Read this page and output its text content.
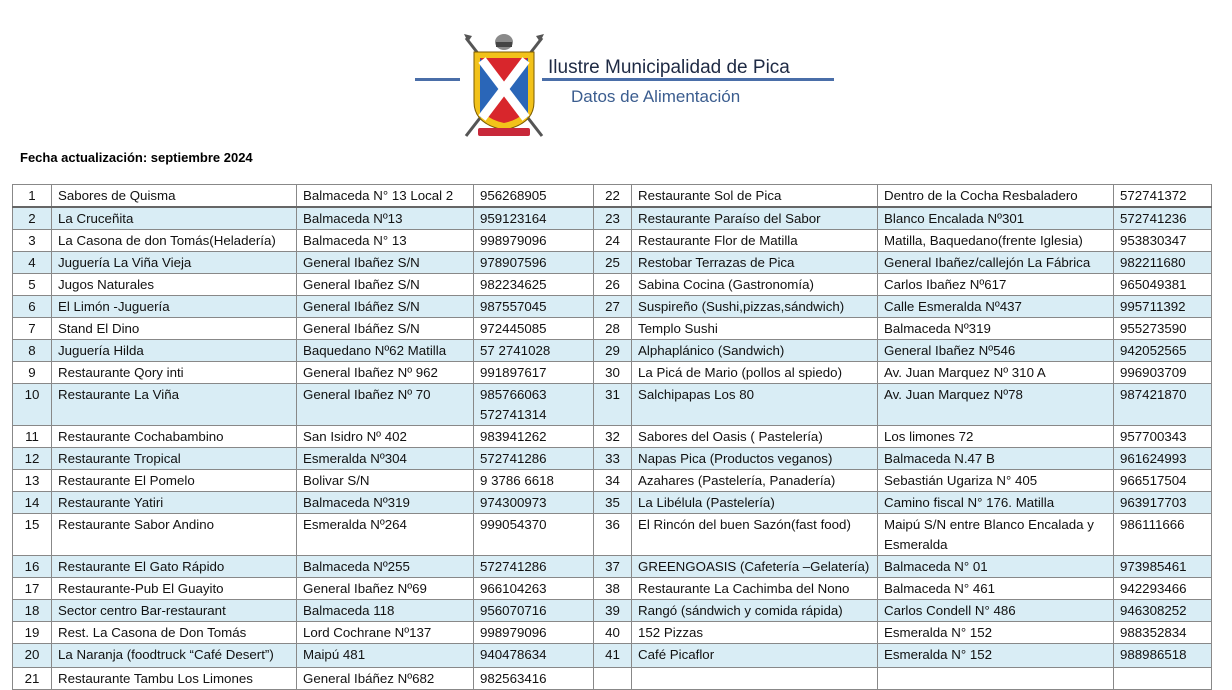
Ilustre Municipalidad de Pica
Datos de Alimentación
Fecha actualización: septiembre 2024
1	Sabores de Quisma	Balmaceda N° 13 Local 2	956268905	22	Restaurante Sol de Pica	Dentro de la Cocha Resbaladero	572741372
2	La Cruceñita	Balmaceda Nº13	959123164	23	Restaurante Paraíso del Sabor	Blanco Encalada Nº301	572741236
3	La Casona de don Tomás(Heladería)	Balmaceda N° 13	998979096	24	Restaurante Flor de Matilla	Matilla, Baquedano(frente Iglesia)	953830347
4	Juguería La Viña Vieja	General Ibañez S/N	978907596	25	Restobar Terrazas de Pica	General Ibañez/callejón La Fábrica	982211680
5	Jugos Naturales	General Ibañez S/N	982234625	26	Sabina Cocina (Gastronomía)	Carlos Ibañez Nº617	965049381
6	El Limón -Juguería	General Ibáñez S/N	987557045	27	Suspireño (Sushi,pizzas,sándwich)	Calle Esmeralda Nº437	995711392
7	Stand El Dino	General Ibáñez S/N	972445085	28	Templo Sushi	Balmaceda Nº319	955273590
8	Juguería Hilda	Baquedano Nº62 Matilla	57 2741028	29	Alphaplánico (Sandwich)	General Ibañez Nº546	942052565
9	Restaurante Qory inti	General Ibañez Nº 962	991897617	30	La Picá de Mario (pollos al spiedo)	Av. Juan Marquez Nº 310 A	996903709
10	Restaurante La Viña	General Ibañez Nº 70	985766063 572741314	31	Salchipapas Los 80	Av. Juan Marquez Nº78	987421870
11	Restaurante Cochabambino	San Isidro Nº 402	983941262	32	Sabores del Oasis ( Pastelería)	Los limones 72	957700343
12	Restaurante Tropical	Esmeralda Nº304	572741286	33	Napas Pica (Productos veganos)	Balmaceda N.47 B	961624993
13	Restaurante El Pomelo	Bolivar S/N	9 3786 6618	34	Azahares (Pastelería, Panadería)	Sebastián Ugariza N° 405	966517504
14	Restaurante Yatiri	Balmaceda Nº319	974300973	35	La Libélula (Pastelería)	Camino fiscal N° 176. Matilla	963917703
15	Restaurante Sabor Andino	Esmeralda Nº264	999054370	36	El Rincón del buen Sazón(fast food)	Maipú S/N entre Blanco Encalada y Esmeralda	986111666
16	Restaurante El Gato Rápido	Balmaceda Nº255	572741286	37	GREENGOASIS (Cafetería –Gelatería)	Balmaceda N° 01	973985461
17	Restaurante-Pub El Guayito	General Ibañez Nº69	966104263	38	Restaurante La Cachimba del Nono	Balmaceda N° 461	942293466
18	Sector centro Bar-restaurant	Balmaceda 118	956070716	39	Rangó (sándwich y comida rápida)	Carlos Condell N° 486	946308252
19	Rest. La Casona de Don Tomás	Lord Cochrane Nº137	998979096	40	152 Pizzas	Esmeralda N° 152	988352834
20	La Naranja (foodtruck “Café Desert”)	Maipú 481	940478634	41	Café Picaflor	Esmeralda N° 152	988986518
21	Restaurante Tambu Los Limones	General Ibáñez Nº682	982563416				
